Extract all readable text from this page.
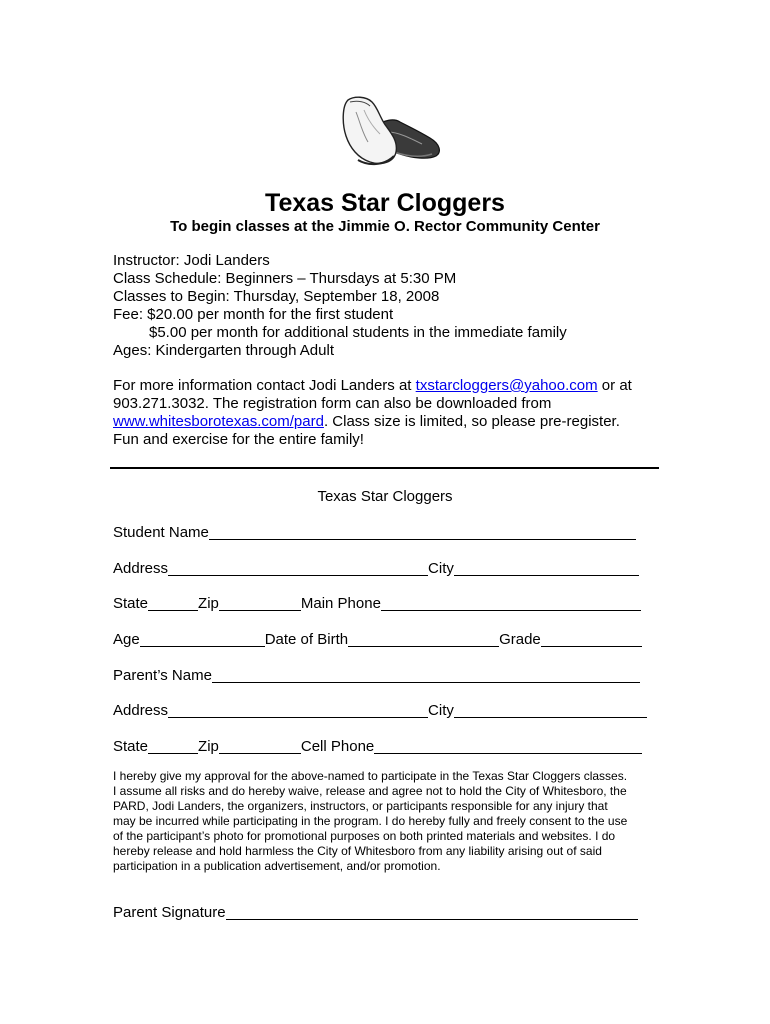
Texas Star Cloggers
To begin classes at the Jimmie O. Rector Community Center
Instructor: Jodi Landers
Class Schedule: Beginners – Thursdays at 5:30 PM
Classes to Begin: Thursday, September 18, 2008
Fee: $20.00 per month for the first student
$5.00 per month for additional students in the immediate family
Ages: Kindergarten through Adult
For more information contact Jodi Landers at txstarcloggers@yahoo.com or at
903.271.3032. The registration form can also be downloaded from
www.whitesborotexas.com/pard. Class size is limited, so please pre-register.
Fun and exercise for the entire family!
Texas Star Cloggers
Student Name
Address	City
State	Zip	Main Phone
Age	Date of Birth	Grade
Parent’s Name
Address	City
State	Zip	Cell Phone
I hereby give my approval for the above-named to participate in the Texas Star Cloggers classes.
I assume all risks and do hereby waive, release and agree not to hold the City of Whitesboro, the
PARD, Jodi Landers, the organizers, instructors, or participants responsible for any injury that
may be incurred while participating in the program. I do hereby fully and freely consent to the use
of the participant’s photo for promotional purposes on both printed materials and websites. I do
hereby release and hold harmless the City of Whitesboro from any liability arising out of said
participation in a publication advertisement, and/or promotion.
Parent Signature
